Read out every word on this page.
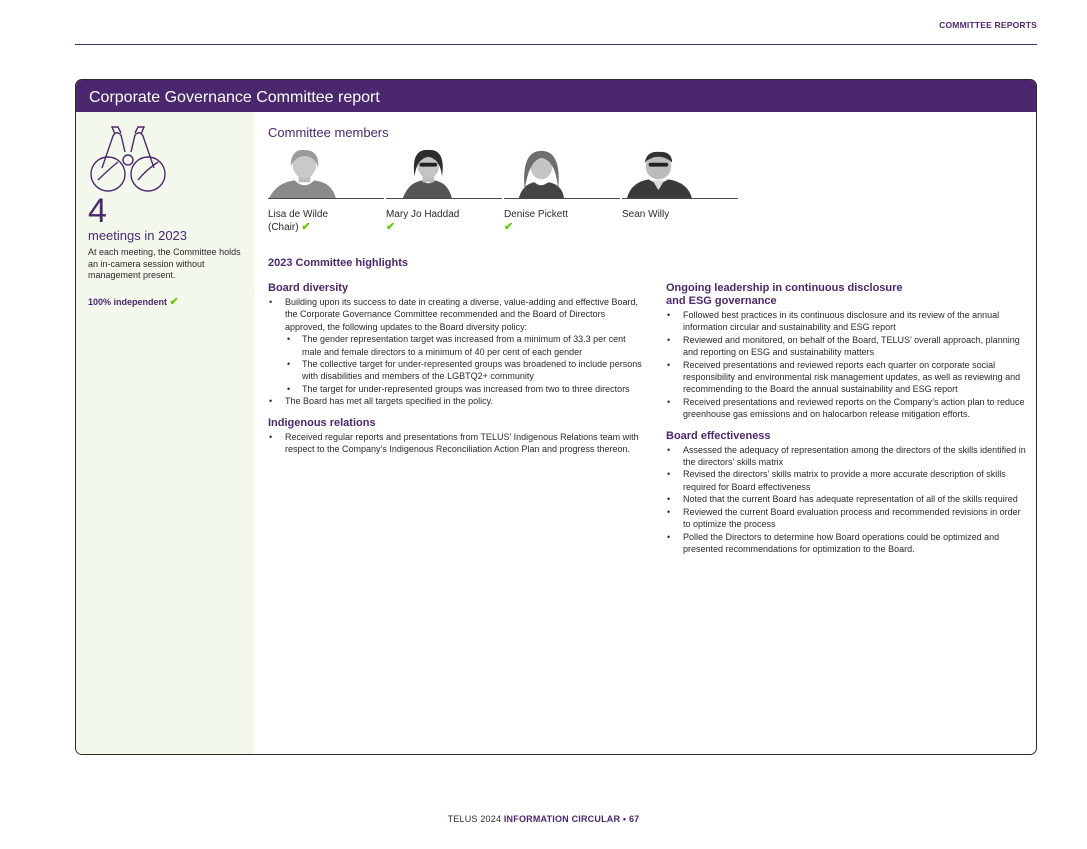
COMMITTEE REPORTS
Corporate Governance Committee report
4
meetings in 2023
At each meeting, the Committee holds an in-camera session without management present.
100% independent ✔
Committee members
Lisa de Wilde
(Chair) ✔
Mary Jo Haddad
✔
Denise Pickett
✔
Sean Willy
2023 Committee highlights
Board diversity
• Building upon its success to date in creating a diverse, value-adding and effective Board, the Corporate Governance Committee recommended and the Board of Directors approved, the following updates to the Board diversity policy:
• The gender representation target was increased from a minimum of 33.3 per cent male and female directors to a minimum of 40 per cent of each gender
• The collective target for under-represented groups was broadened to include persons with disabilities and members of the LGBTQ2+ community
• The target for under-represented groups was increased from two to three directors
• The Board has met all targets specified in the policy.
Indigenous relations
• Received regular reports and presentations from TELUS’ Indigenous Relations team with respect to the Company’s Indigenous Reconciliation Action Plan and progress thereon.
Ongoing leadership in continuous disclosure
and ESG governance
• Followed best practices in its continuous disclosure and its review of the annual information circular and sustainability and ESG report
• Reviewed and monitored, on behalf of the Board, TELUS’ overall approach, planning and reporting on ESG and sustainability matters
• Received presentations and reviewed reports each quarter on corporate social responsibility and environmental risk management updates, as well as reviewing and recommending to the Board the annual sustainability and ESG report
• Received presentations and reviewed reports on the Company’s action plan to reduce greenhouse gas emissions and on halocarbon release mitigation efforts.
Board effectiveness
• Assessed the adequacy of representation among the directors of the skills identified in the directors’ skills matrix
• Revised the directors’ skills matrix to provide a more accurate description of skills required for Board effectiveness
• Noted that the current Board has adequate representation of all of the skills required
• Reviewed the current Board evaluation process and recommended revisions in order to optimize the process
• Polled the Directors to determine how Board operations could be optimized and presented recommendations for optimization to the Board.
TELUS 2024 INFORMATION CIRCULAR • 67
